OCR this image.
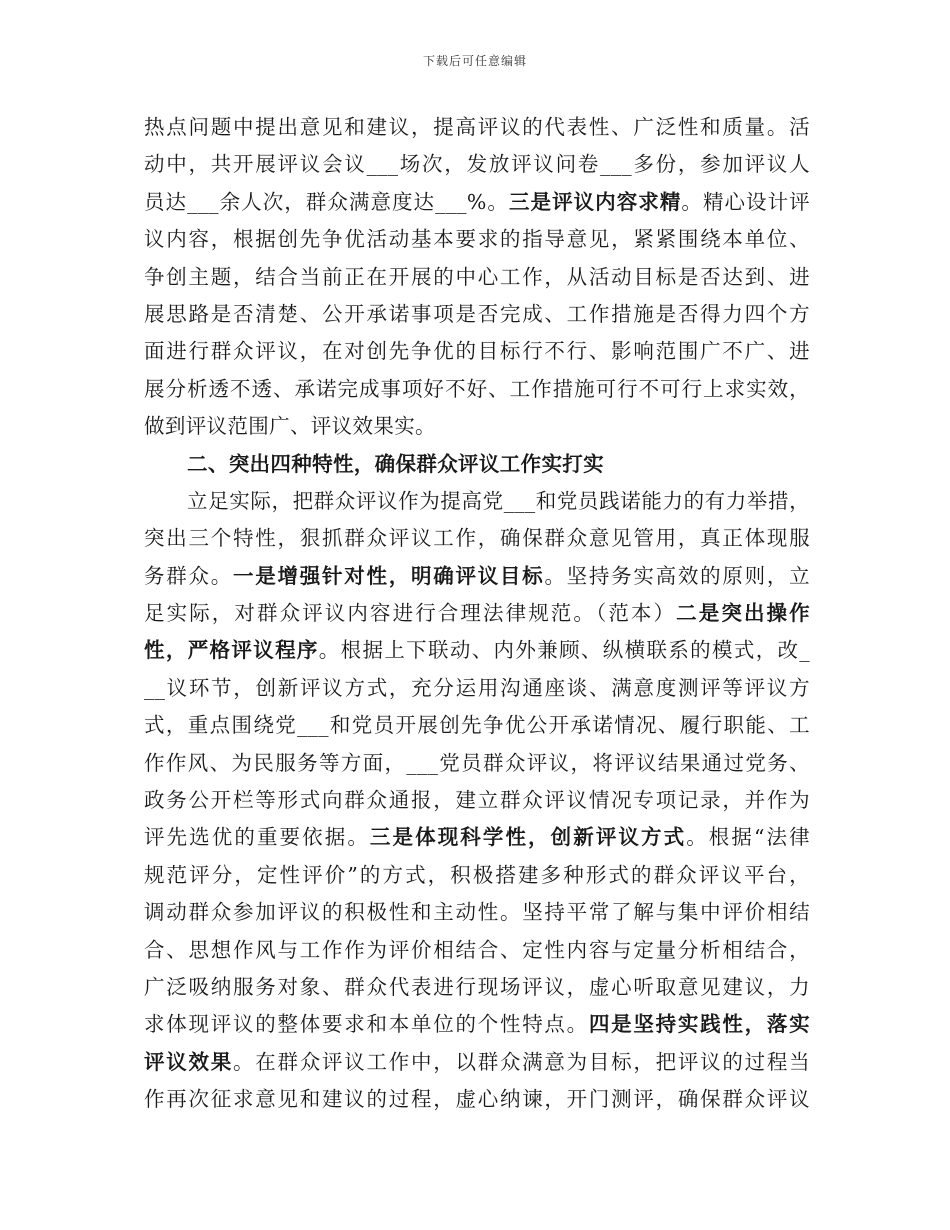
下载后可任意编辑
热点问题中提出意见和建议，提高评议的代表性、广泛性和质量。活
动中，共开展评议会议___场次，发放评议问卷___多份，参加评议人
员达___余人次，群众满意度达___%。三是评议内容求精。精心设计评
议内容，根据创先争优活动基本要求的指导意见，紧紧围绕本单位、
争创主题，结合当前正在开展的中心工作，从活动目标是否达到、进
展思路是否清楚、公开承诺事项是否完成、工作措施是否得力四个方
面进行群众评议，在对创先争优的目标行不行、影响范围广不广、进
展分析透不透、承诺完成事项好不好、工作措施可行不可行上求实效，
做到评议范围广、评议效果实。
二、突出四种特性，确保群众评议工作实打实
立足实际，把群众评议作为提高党___和党员践诺能力的有力举措，
突出三个特性，狠抓群众评议工作，确保群众意见管用，真正体现服
务群众。一是增强针对性，明确评议目标。坚持务实高效的原则，立
足实际，对群众评议内容进行合理法律规范。（范本）二是突出操作
性，严格评议程序。根据上下联动、内外兼顾、纵横联系的模式，改_
__议环节，创新评议方式，充分运用沟通座谈、满意度测评等评议方
式，重点围绕党___和党员开展创先争优公开承诺情况、履行职能、工
作作风、为民服务等方面，___党员群众评议，将评议结果通过党务、
政务公开栏等形式向群众通报，建立群众评议情况专项记录，并作为
评先选优的重要依据。三是体现科学性，创新评议方式。根据“法律
规范评分，定性评价”的方式，积极搭建多种形式的群众评议平台，
调动群众参加评议的积极性和主动性。坚持平常了解与集中评价相结
合、思想作风与工作作为评价相结合、定性内容与定量分析相结合，
广泛吸纳服务对象、群众代表进行现场评议，虚心听取意见建议，力
求体现评议的整体要求和本单位的个性特点。四是坚持实践性，落实
评议效果。在群众评议工作中，以群众满意为目标，把评议的过程当
作再次征求意见和建议的过程，虚心纳谏，开门测评，确保群众评议
